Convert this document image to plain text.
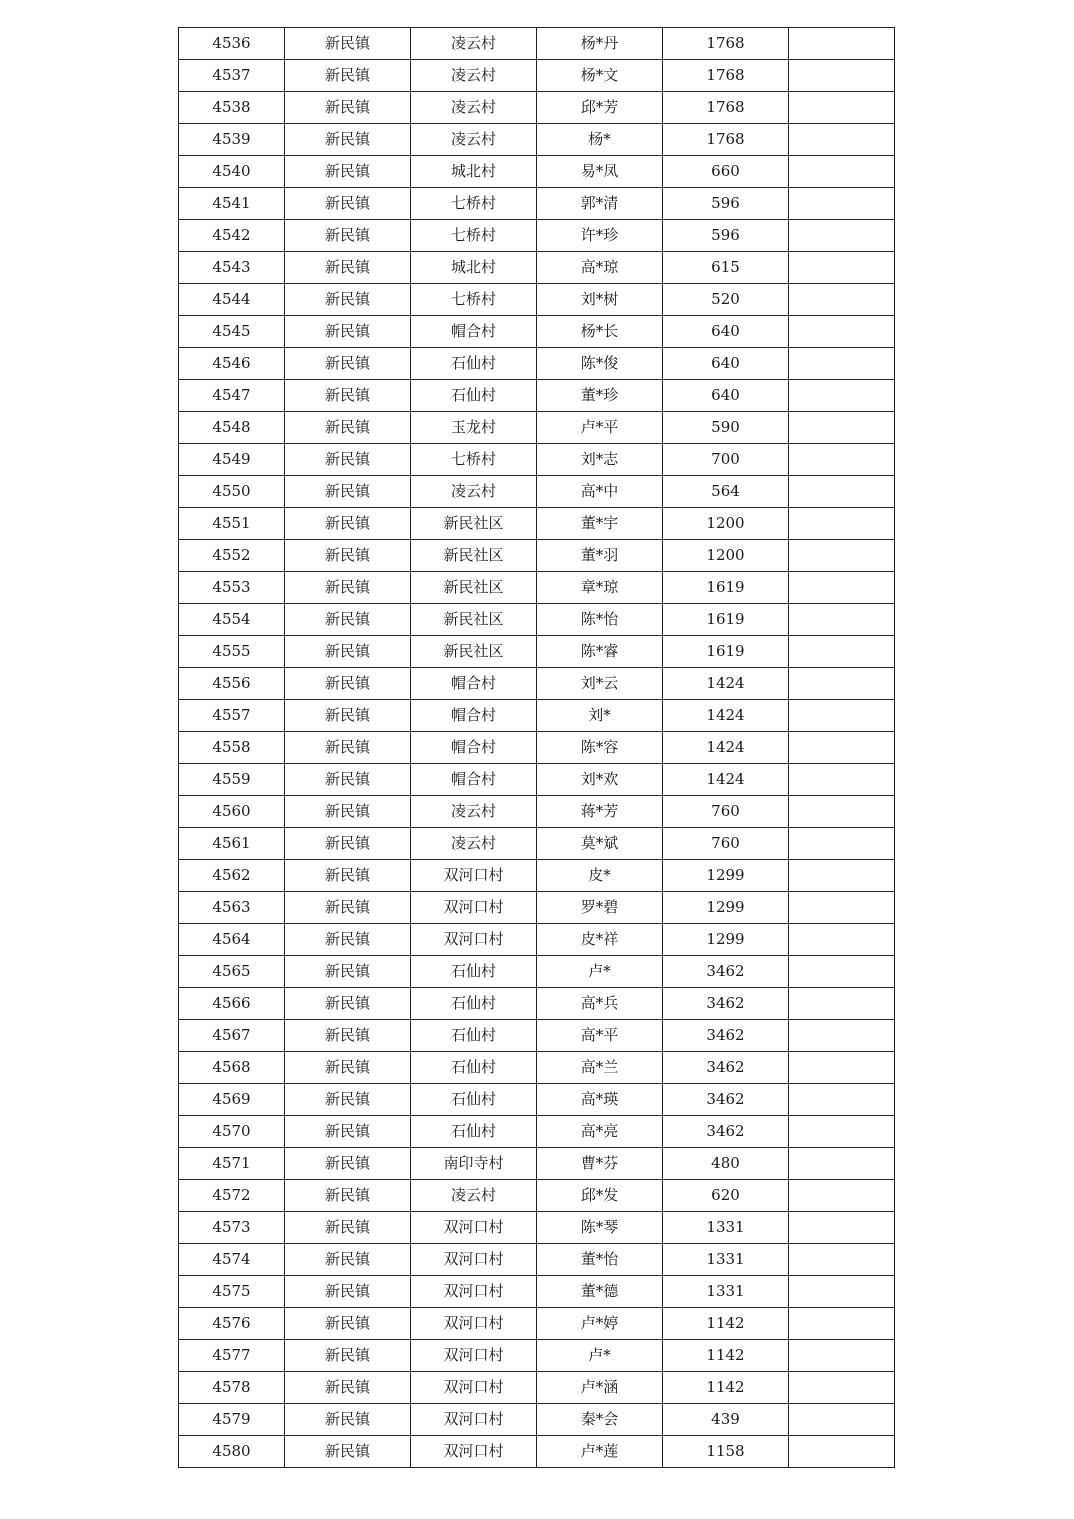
4536	新民镇	凌云村	杨*丹	1768	
4537	新民镇	凌云村	杨*文	1768	
4538	新民镇	凌云村	邱*芳	1768	
4539	新民镇	凌云村	杨*	1768	
4540	新民镇	城北村	易*凤	660	
4541	新民镇	七桥村	郭*清	596	
4542	新民镇	七桥村	许*珍	596	
4543	新民镇	城北村	高*琼	615	
4544	新民镇	七桥村	刘*树	520	
4545	新民镇	帽合村	杨*长	640	
4546	新民镇	石仙村	陈*俊	640	
4547	新民镇	石仙村	董*珍	640	
4548	新民镇	玉龙村	卢*平	590	
4549	新民镇	七桥村	刘*志	700	
4550	新民镇	凌云村	高*中	564	
4551	新民镇	新民社区	董*宇	1200	
4552	新民镇	新民社区	董*羽	1200	
4553	新民镇	新民社区	章*琼	1619	
4554	新民镇	新民社区	陈*怡	1619	
4555	新民镇	新民社区	陈*睿	1619	
4556	新民镇	帽合村	刘*云	1424	
4557	新民镇	帽合村	刘*	1424	
4558	新民镇	帽合村	陈*容	1424	
4559	新民镇	帽合村	刘*欢	1424	
4560	新民镇	凌云村	蒋*芳	760	
4561	新民镇	凌云村	莫*斌	760	
4562	新民镇	双河口村	皮*	1299	
4563	新民镇	双河口村	罗*碧	1299	
4564	新民镇	双河口村	皮*祥	1299	
4565	新民镇	石仙村	卢*	3462	
4566	新民镇	石仙村	高*兵	3462	
4567	新民镇	石仙村	高*平	3462	
4568	新民镇	石仙村	高*兰	3462	
4569	新民镇	石仙村	高*瑛	3462	
4570	新民镇	石仙村	高*亮	3462	
4571	新民镇	南印寺村	曹*芬	480	
4572	新民镇	凌云村	邱*发	620	
4573	新民镇	双河口村	陈*琴	1331	
4574	新民镇	双河口村	董*怡	1331	
4575	新民镇	双河口村	董*德	1331	
4576	新民镇	双河口村	卢*婷	1142	
4577	新民镇	双河口村	卢*	1142	
4578	新民镇	双河口村	卢*涵	1142	
4579	新民镇	双河口村	秦*会	439	
4580	新民镇	双河口村	卢*莲	1158	
